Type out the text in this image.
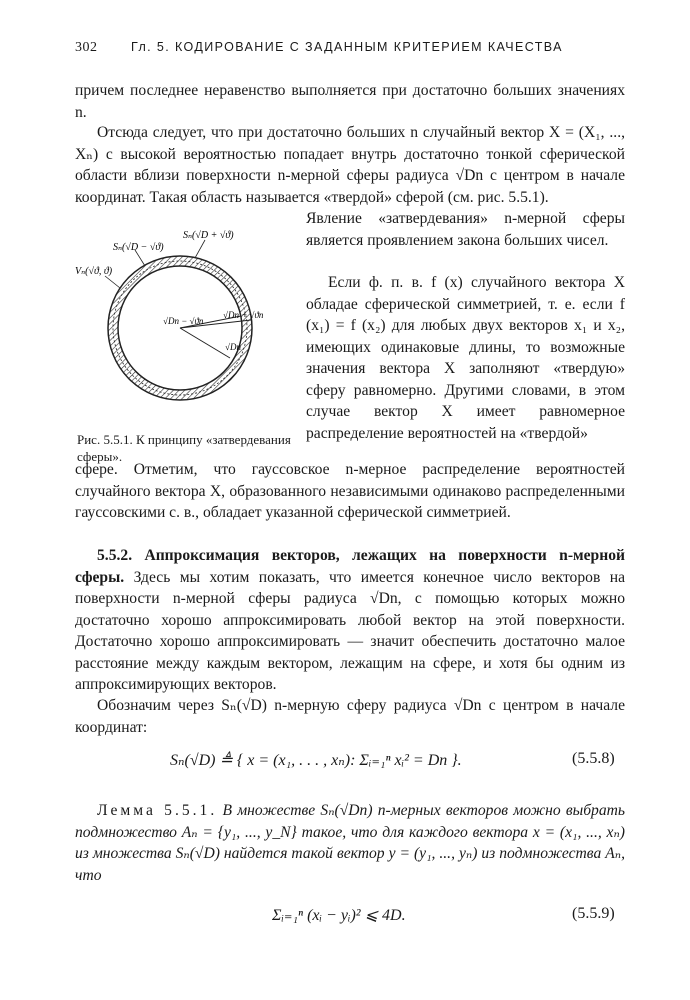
302	Гл. 5. КОДИРОВАНИЕ С ЗАДАННЫМ КРИТЕРИЕМ КАЧЕСТВА

причем последнее неравенство выполняется при достаточно больших значениях n.

Отсюда следует, что при достаточно больших n случайный вектор X = (X₁, ..., Xₙ) с высокой вероятностью попадает внутрь достаточно тонкой сферической области вблизи поверхности n-мерной сферы радиуса √Dn с центром в начале координат. Такая область называется «твердой» сферой (см. рис. 5.5.1).

Sₙ(√D − √ϑ)
Sₙ(√D + √ϑ)
Vₙ(√ϑ, ϑ)
√Dn − √ϑn
√Dn + √ϑn
√Dn
Рис. 5.5.1. К принципу «затвердевания сферы».

Явление «затвердевания» n-мерной сферы является проявлением закона больших чисел.

Если ф. п. в. f (x) случайного вектора X обладае сферической симметрией, т. е. если f (x₁) = f (x₂) для любых двух векторов x₁ и x₂, имеющих одинаковые длины, то возможные значения вектора X заполняют «твердую» сферу равномерно. Другими словами, в этом случае вектор X имеет равномерное распределение вероятностей на «твердой»

сфере. Отметим, что гауссовское n-мерное распределение вероятностей случайного вектора X, образованного независимыми одинаково распределенными гауссовскими с. в., обладает указанной сферической симметрией.

5.5.2. Аппроксимация векторов, лежащих на поверхности n-мерной сферы. Здесь мы хотим показать, что имеется конечное число векторов на поверхности n-мерной сферы радиуса √Dn, с помощью которых можно достаточно хорошо аппроксимировать любой вектор на этой поверхности. Достаточно хорошо аппроксимировать — значит обеспечить достаточно малое расстояние между каждым вектором, лежащим на сфере, и хотя бы одним из аппроксимирующих векторов.

Обозначим через Sₙ(√D) n-мерную сферу радиуса √Dn с центром в начале координат:

Sₙ(√D) ≜ { x = (x₁, . . . , xₙ): Σᵢ₌₁ⁿ xᵢ² = Dn }.	(5.5.8)

Лемма 5.5.1. В множестве Sₙ(√Dn) n-мерных векторов можно выбрать подмножество Aₙ = {y₁, ..., y_N} такое, что для каждого вектора x = (x₁, ..., xₙ) из множества Sₙ(√D) найдется такой вектор y = (y₁, ..., yₙ) из подмножества Aₙ, что

Σᵢ₌₁ⁿ (xᵢ − yᵢ)² ⩽ 4D.	(5.5.9)
